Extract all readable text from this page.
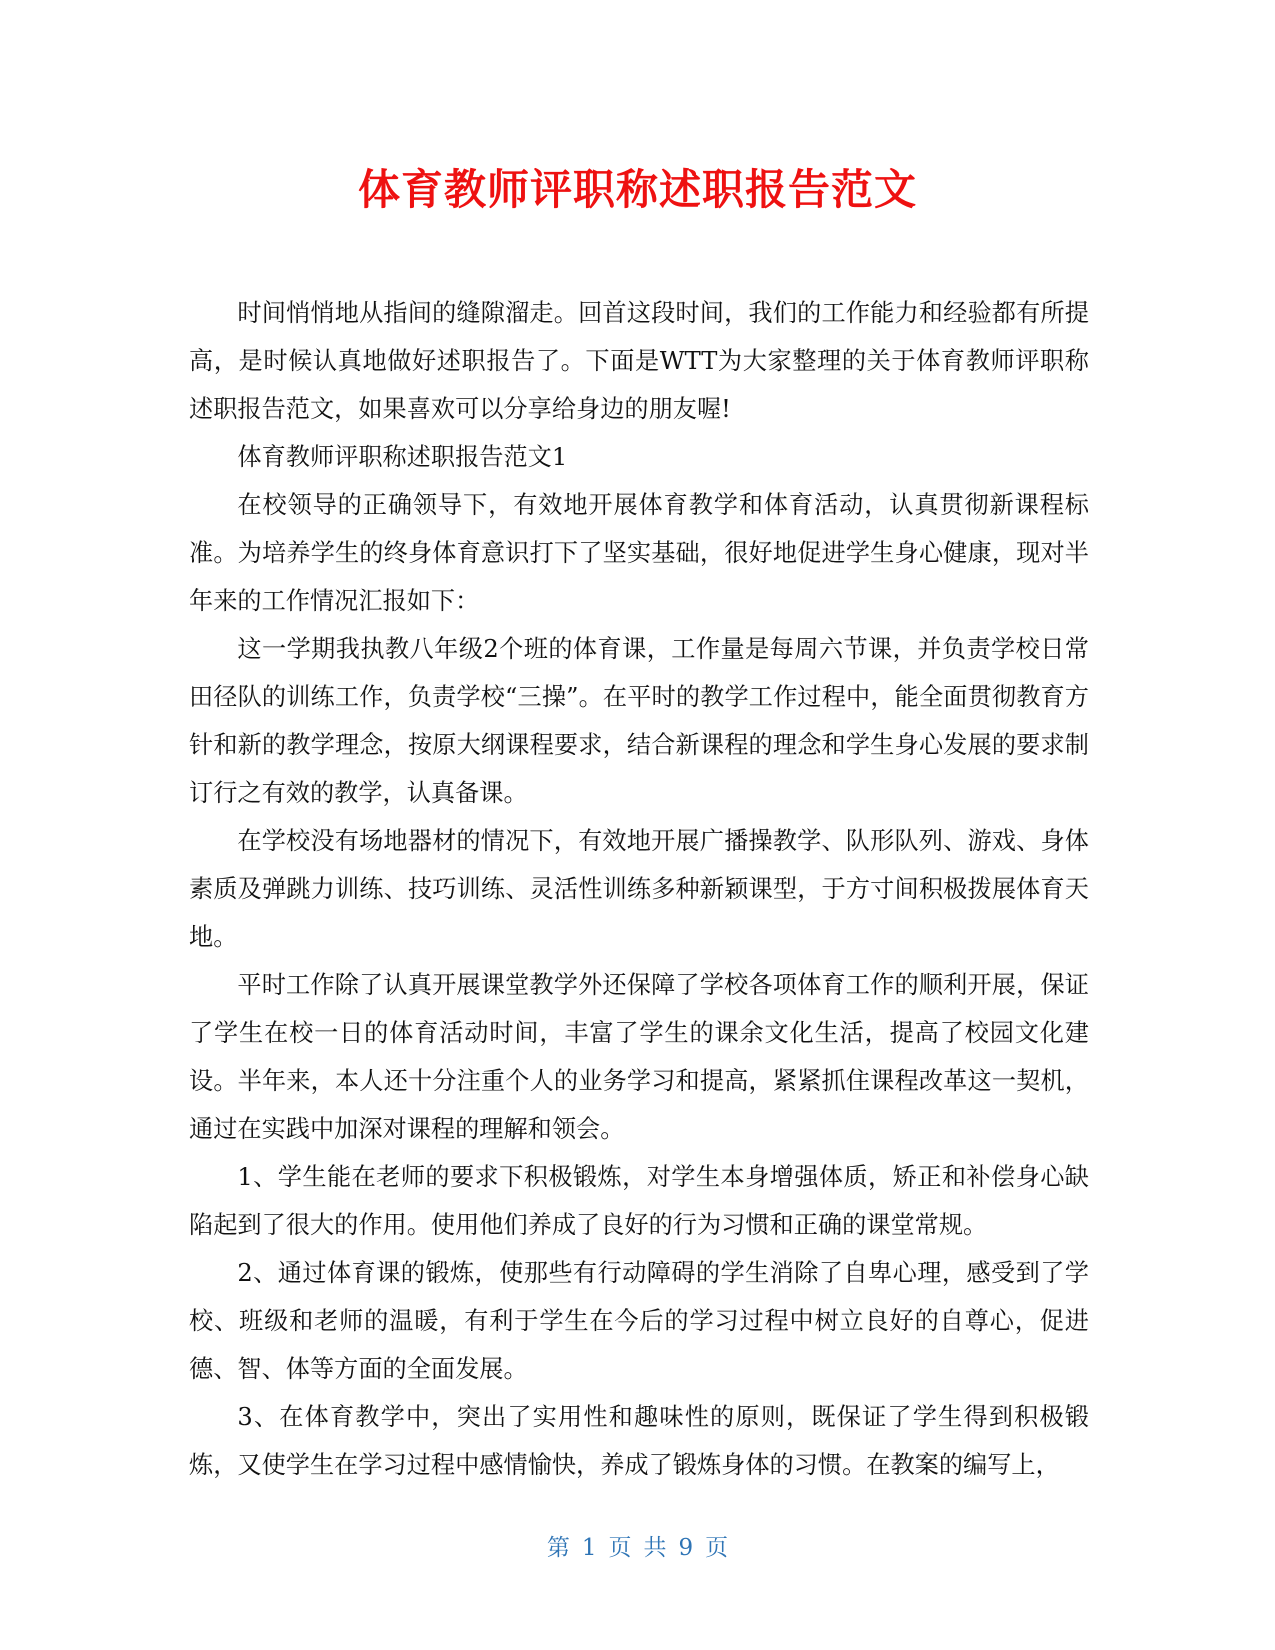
体育教师评职称述职报告范文

时间悄悄地从指间的缝隙溜走。回首这段时间，我们的工作能力和经验都有所提高，是时候认真地做好述职报告了。下面是WTT为大家整理的关于体育教师评职称述职报告范文，如果喜欢可以分享给身边的朋友喔!

体育教师评职称述职报告范文1

在校领导的正确领导下，有效地开展体育教学和体育活动，认真贯彻新课程标准。为培养学生的终身体育意识打下了坚实基础，很好地促进学生身心健康，现对半年来的工作情况汇报如下：

这一学期我执教八年级2个班的体育课，工作量是每周六节课，并负责学校日常田径队的训练工作，负责学校“三操”。在平时的教学工作过程中，能全面贯彻教育方针和新的教学理念，按原大纲课程要求，结合新课程的理念和学生身心发展的要求制订行之有效的教学，认真备课。

在学校没有场地器材的情况下，有效地开展广播操教学、队形队列、游戏、身体素质及弹跳力训练、技巧训练、灵活性训练多种新颖课型，于方寸间积极拨展体育天地。

平时工作除了认真开展课堂教学外还保障了学校各项体育工作的顺利开展，保证了学生在校一日的体育活动时间，丰富了学生的课余文化生活，提高了校园文化建设。半年来，本人还十分注重个人的业务学习和提高，紧紧抓住课程改革这一契机，通过在实践中加深对课程的理解和领会。

1、学生能在老师的要求下积极锻炼，对学生本身增强体质，矫正和补偿身心缺陷起到了很大的作用。使用他们养成了良好的行为习惯和正确的课堂常规。

2、通过体育课的锻炼，使那些有行动障碍的学生消除了自卑心理，感受到了学校、班级和老师的温暖，有利于学生在今后的学习过程中树立良好的自尊心，促进德、智、体等方面的全面发展。

3、在体育教学中，突出了实用性和趣味性的原则，既保证了学生得到积极锻炼，又使学生在学习过程中感情愉快，养成了锻炼身体的习惯。在教案的编写上，

第 1 页 共 9 页
